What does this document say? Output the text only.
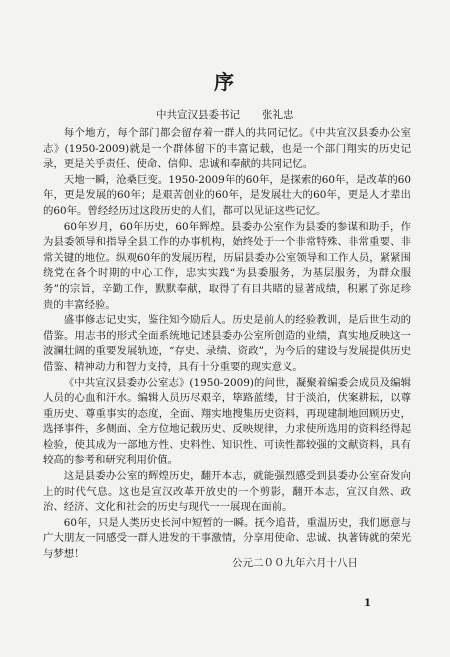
序
中共宣汉县委书记 张礼忠

每个地方，每个部门都会留存着一群人的共同记忆。《中共宣汉县委办公室志》(1950-2009)就是一个群体留下的丰富记载，也是一个部门翔实的历史记录，更是关乎责任、使命、信仰、忠诚和奉献的共同记忆。

天地一瞬，沧桑巨变。1950-2009年的60年，是探索的60年，是改革的60年，更是发展的60年；是艰苦创业的60年，是发展壮大的60年，更是人才辈出的60年。曾经经历过这段历史的人们，都可以见证这些记忆。

60年岁月，60年历史，60年辉煌。县委办公室作为县委的参谋和助手，作为县委领导和指导全县工作的办事机构，始终处于一个非常特殊、非常重要、非常关键的地位。纵观60年的发展历程，历届县委办公室领导和工作人员，紧紧围绕党在各个时期的中心工作，忠实实践“为县委服务，为基层服务，为群众服务”的宗旨，辛勤工作，默默奉献，取得了有目共睹的显著成绩，积累了弥足珍贵的丰富经验。

盛事修志记史实，鉴往知今励后人。历史是前人的经验教训，是后世生动的借鉴。用志书的形式全面系统地记述县委办公室所创造的业绩，真实地反映这一波澜壮阔的重要发展轨迹，“存史、录绩、资政”，为今后的建设与发展提供历史借鉴、精神动力和智力支持，具有十分重要的现实意义。

《中共宣汉县委办公室志》(1950-2009)的问世，凝聚着编委会成员及编辑人员的心血和汗水。编辑人员历尽艰辛，筚路蓝缕，甘于淡泊，伏案耕耘，以尊重历史、尊重事实的态度，全面、翔实地搜集历史资料，再现建制地回顾历史，选择事件，多侧面、全方位地记载历史、反映规律，力求使所选用的资料经得起检验，使其成为一部地方性、史料性、知识性、可读性都较强的文献资料，具有较高的参考和研究利用价值。

这是县委办公室的辉煌历史，翻开本志，就能强烈感受到县委办公室奋发向上的时代气息。这也是宣汉改革开放史的一个剪影，翻开本志，宣汉自然、政治、经济、文化和社会的历史与现代一一展现在面前。

60年，只是人类历史长河中短暂的一瞬。抚今追昔，重温历史，我们愿意与广大朋友一同感受一群人进发的干事激情，分享用使命、忠诚、执著铸就的荣光与梦想！

公元二００九年六月十八日
1
